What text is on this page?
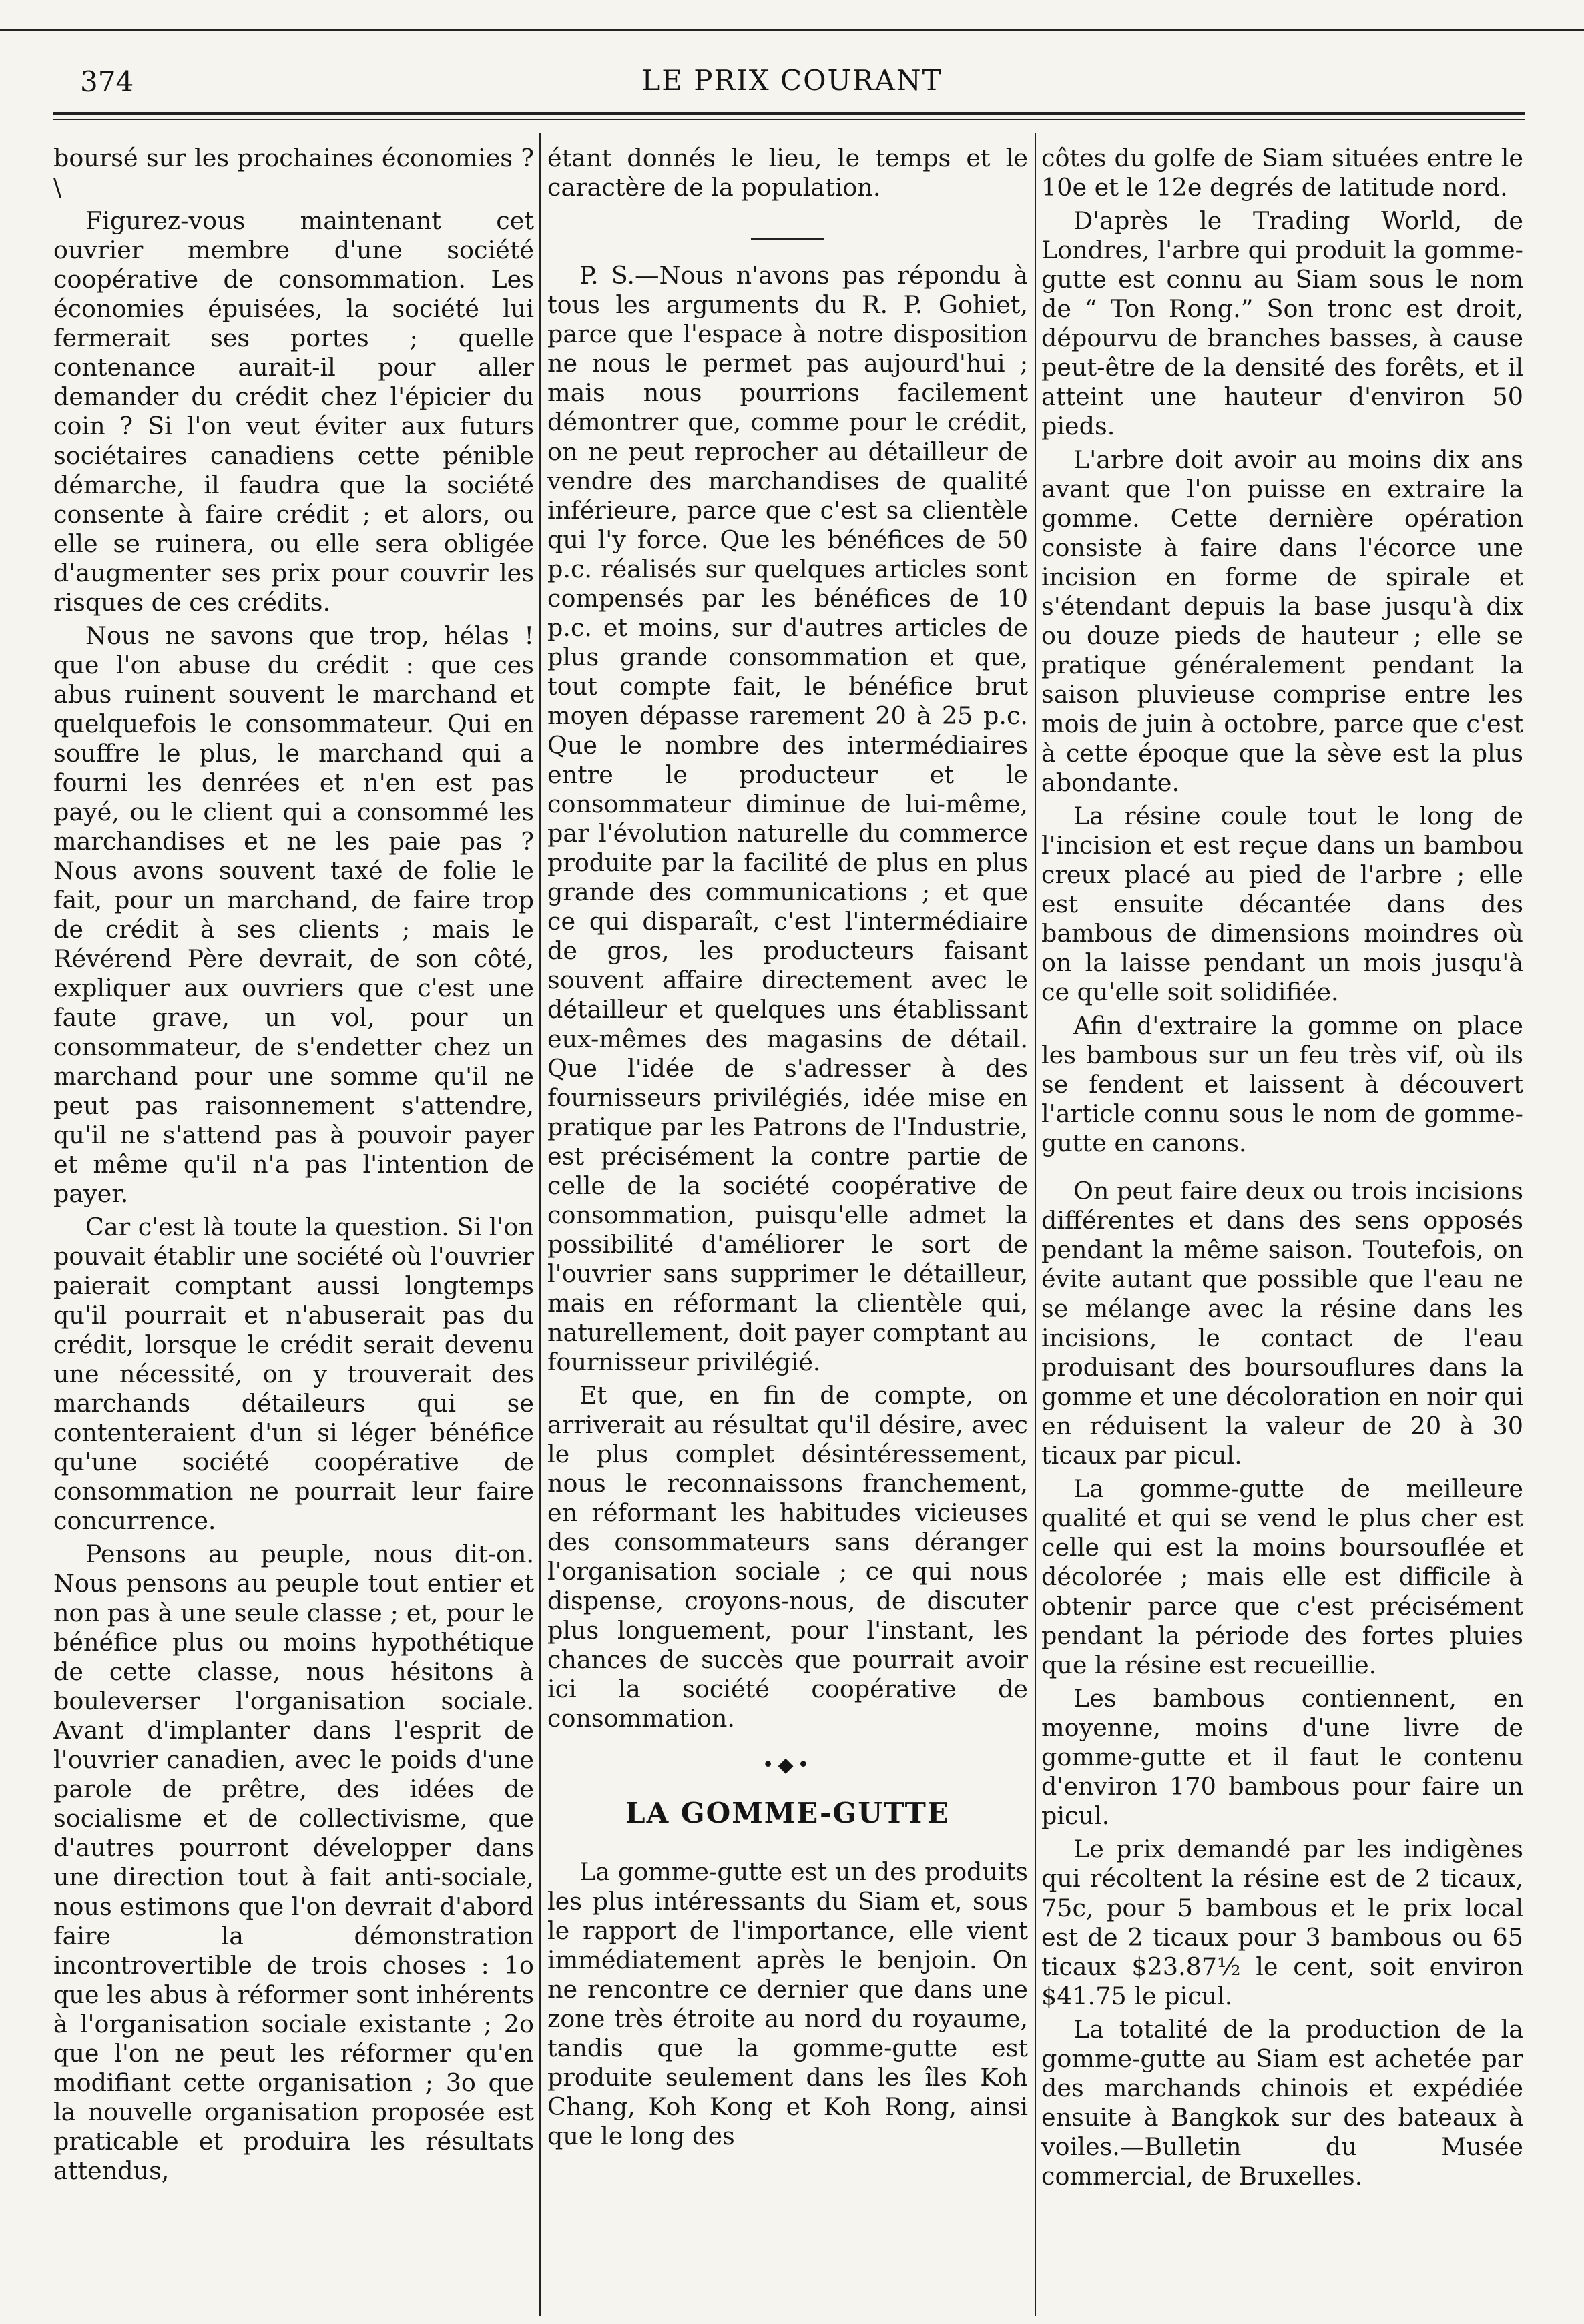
374	LE PRIX COURANT

boursé sur les prochaines économies ?\

Figurez-vous maintenant cet ouvrier membre d'une société coopérative de consommation. Les économies épuisées, la société lui fermerait ses portes ; quelle contenance aurait-il pour aller demander du crédit chez l'épicier du coin ? Si l'on veut éviter aux futurs sociétaires canadiens cette pénible démarche, il faudra que la société consente à faire crédit ; et alors, ou elle se ruinera, ou elle sera obligée d'augmenter ses prix pour couvrir les risques de ces crédits.

Nous ne savons que trop, hélas ! que l'on abuse du crédit : que ces abus ruinent souvent le marchand et quelquefois le consommateur. Qui en souffre le plus, le marchand qui a fourni les denrées et n'en est pas payé, ou le client qui a consommé les marchandises et ne les paie pas ? Nous avons souvent taxé de folie le fait, pour un marchand, de faire trop de crédit à ses clients ; mais le Révérend Père devrait, de son côté, expliquer aux ouvriers que c'est une faute grave, un vol, pour un consommateur, de s'endetter chez un marchand pour une somme qu'il ne peut pas raisonnement s'attendre, qu'il ne s'attend pas à pouvoir payer et même qu'il n'a pas l'intention de payer.

Car c'est là toute la question. Si l'on pouvait établir une société où l'ouvrier paierait comptant aussi longtemps qu'il pourrait et n'abuserait pas du crédit, lorsque le crédit serait devenu une nécessité, on y trouverait des marchands détaileurs qui se contenteraient d'un si léger bénéfice qu'une société coopérative de consommation ne pourrait leur faire concurrence.

Pensons au peuple, nous dit-on. Nous pensons au peuple tout entier et non pas à une seule classe ; et, pour le bénéfice plus ou moins hypothétique de cette classe, nous hésitons à bouleverser l'organisation sociale. Avant d'implanter dans l'esprit de l'ouvrier canadien, avec le poids d'une parole de prêtre, des idées de socialisme et de collectivisme, que d'autres pourront développer dans une direction tout à fait anti-sociale, nous estimons que l'on devrait d'abord faire la démonstration incontrovertible de trois choses : 1o que les abus à réformer sont inhérents à l'organisation sociale existante ; 2o que l'on ne peut les réformer qu'en modifiant cette organisation ; 3o que la nouvelle organisation proposée est praticable et produira les résultats attendus,

étant donnés le lieu, le temps et le caractère de la population.

P. S.—Nous n'avons pas répondu à tous les arguments du R. P. Gohiet, parce que l'espace à notre disposition ne nous le permet pas aujourd'hui ; mais nous pourrions facilement démontrer que, comme pour le crédit, on ne peut reprocher au détailleur de vendre des marchandises de qualité inférieure, parce que c'est sa clientèle qui l'y force. Que les bénéfices de 50 p.c. réalisés sur quelques articles sont compensés par les bénéfices de 10 p.c. et moins, sur d'autres articles de plus grande consommation et que, tout compte fait, le bénéfice brut moyen dépasse rarement 20 à 25 p.c. Que le nombre des intermédiaires entre le producteur et le consommateur diminue de lui-même, par l'évolution naturelle du commerce produite par la facilité de plus en plus grande des communications ; et que ce qui disparaît, c'est l'intermédiaire de gros, les producteurs faisant souvent affaire directement avec le détailleur et quelques uns établissant eux-mêmes des magasins de détail. Que l'idée de s'adresser à des fournisseurs privilégiés, idée mise en pratique par les Patrons de l'Industrie, est précisément la contre partie de celle de la société coopérative de consommation, puisqu'elle admet la possibilité d'améliorer le sort de l'ouvrier sans supprimer le détailleur, mais en réformant la clientèle qui, naturellement, doit payer comptant au fournisseur privilégié.

Et que, en fin de compte, on arriverait au résultat qu'il désire, avec le plus complet désintéressement, nous le reconnaissons franchement, en réformant les habitudes vicieuses des consommateurs sans déranger l'organisation sociale ; ce qui nous dispense, croyons-nous, de discuter plus longuement, pour l'instant, les chances de succès que pourrait avoir ici la société coopérative de consommation.

•◆•
LA GOMME-GUTTE

La gomme-gutte est un des produits les plus intéressants du Siam et, sous le rapport de l'importance, elle vient immédiatement après le benjoin. On ne rencontre ce dernier que dans une zone très étroite au nord du royaume, tandis que la gomme-gutte est produite seulement dans les îles Koh Chang, Koh Kong et Koh Rong, ainsi que le long des

côtes du golfe de Siam situées entre le 10e et le 12e degrés de latitude nord.

D'après le Trading World, de Londres, l'arbre qui produit la gomme-gutte est connu au Siam sous le nom de “ Ton Rong.” Son tronc est droit, dépourvu de branches basses, à cause peut-être de la densité des forêts, et il atteint une hauteur d'environ 50 pieds.

L'arbre doit avoir au moins dix ans avant que l'on puisse en extraire la gomme. Cette dernière opération consiste à faire dans l'écorce une incision en forme de spirale et s'étendant depuis la base jusqu'à dix ou douze pieds de hauteur ; elle se pratique généralement pendant la saison pluvieuse comprise entre les mois de juin à octobre, parce que c'est à cette époque que la sève est la plus abondante.

La résine coule tout le long de l'incision et est reçue dans un bambou creux placé au pied de l'arbre ; elle est ensuite décantée dans des bambous de dimensions moindres où on la laisse pendant un mois jusqu'à ce qu'elle soit solidifiée.

Afin d'extraire la gomme on place les bambous sur un feu très vif, où ils se fendent et laissent à découvert l'article connu sous le nom de gomme-gutte en canons.

On peut faire deux ou trois incisions différentes et dans des sens opposés pendant la même saison. Toutefois, on évite autant que possible que l'eau ne se mélange avec la résine dans les incisions, le contact de l'eau produisant des boursouflures dans la gomme et une décoloration en noir qui en réduisent la valeur de 20 à 30 ticaux par picul.

La gomme-gutte de meilleure qualité et qui se vend le plus cher est celle qui est la moins boursouflée et décolorée ; mais elle est difficile à obtenir parce que c'est précisément pendant la période des fortes pluies que la résine est recueillie.

Les bambous contiennent, en moyenne, moins d'une livre de gomme-gutte et il faut le contenu d'environ 170 bambous pour faire un picul.

Le prix demandé par les indigènes qui récoltent la résine est de 2 ticaux, 75c, pour 5 bambous et le prix local est de 2 ticaux pour 3 bambous ou 65 ticaux $23.87½ le cent, soit environ $41.75 le picul.

La totalité de la production de la gomme-gutte au Siam est achetée par des marchands chinois et expédiée ensuite à Bangkok sur des bateaux à voiles.—Bulletin du Musée commercial, de Bruxelles.
